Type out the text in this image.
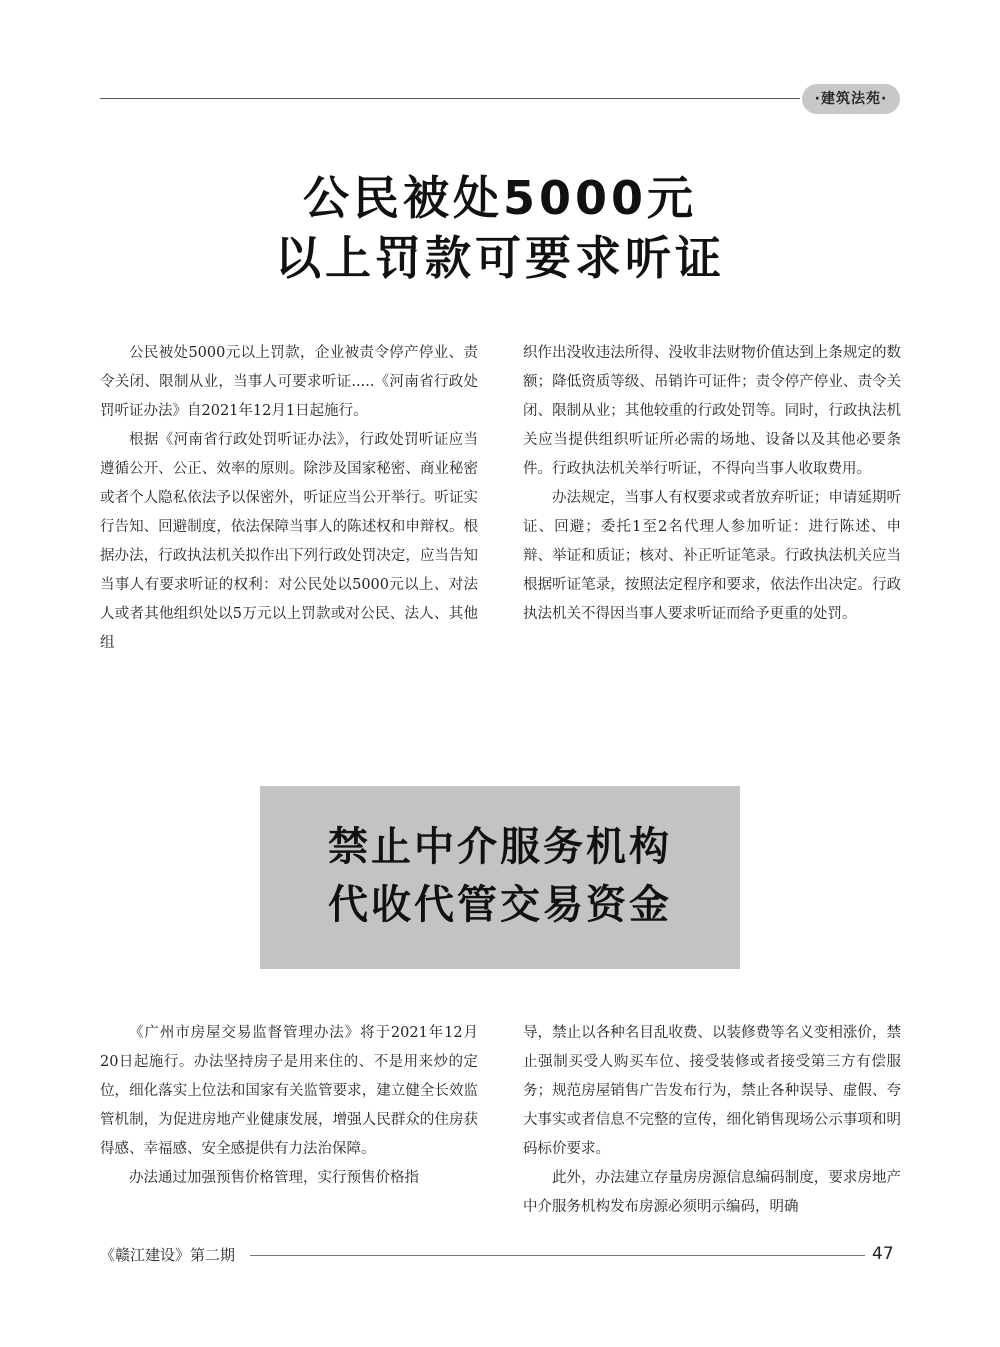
·建筑法苑·
公民被处5000元
以上罚款可要求听证

公民被处5000元以上罚款，企业被责令停产停业、责令关闭、限制从业，当事人可要求听证.....《河南省行政处罚听证办法》自2021年12月1日起施行。

根据《河南省行政处罚听证办法》，行政处罚听证应当遵循公开、公正、效率的原则。除涉及国家秘密、商业秘密或者个人隐私依法予以保密外，听证应当公开举行。听证实行告知、回避制度，依法保障当事人的陈述权和申辩权。根据办法，行政执法机关拟作出下列行政处罚决定，应当告知当事人有要求听证的权利：对公民处以5000元以上、对法人或者其他组织处以5万元以上罚款或对公民、法人、其他组

织作出没收违法所得、没收非法财物价值达到上条规定的数额；降低资质等级、吊销许可证件；责令停产停业、责令关闭、限制从业；其他较重的行政处罚等。同时，行政执法机关应当提供组织听证所必需的场地、设备以及其他必要条件。行政执法机关举行听证，不得向当事人收取费用。

办法规定，当事人有权要求或者放弃听证；申请延期听证、回避；委托1至2名代理人参加听证：进行陈述、申辩、举证和质证；核对、补正听证笔录。行政执法机关应当根据听证笔录，按照法定程序和要求，依法作出决定。行政执法机关不得因当事人要求听证而给予更重的处罚。

禁止中介服务机构
代收代管交易资金

《广州市房屋交易监督管理办法》将于2021年12月20日起施行。办法坚持房子是用来住的、不是用来炒的定位，细化落实上位法和国家有关监管要求，建立健全长效监管机制，为促进房地产业健康发展，增强人民群众的住房获得感、幸福感、安全感提供有力法治保障。

办法通过加强预售价格管理，实行预售价格指

导，禁止以各种名目乱收费、以装修费等名义变相涨价，禁止强制买受人购买车位、接受装修或者接受第三方有偿服务；规范房屋销售广告发布行为，禁止各种误导、虚假、夸大事实或者信息不完整的宣传，细化销售现场公示事项和明码标价要求。

此外，办法建立存量房房源信息编码制度，要求房地产中介服务机构发布房源必须明示编码，明确

《赣江建设》第二期	47
